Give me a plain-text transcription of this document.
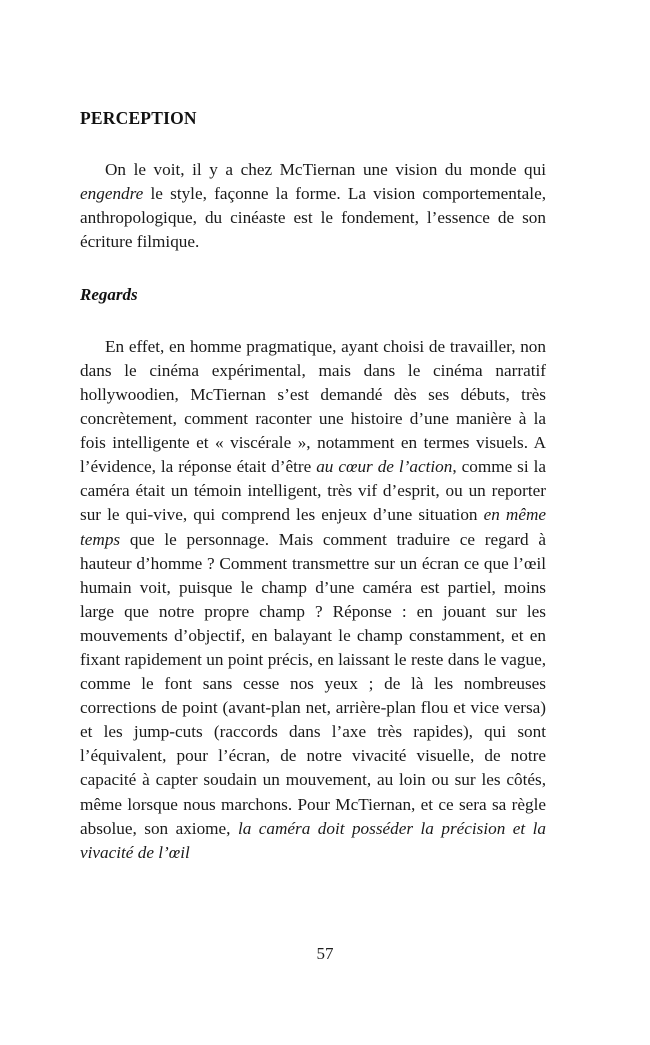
PERCEPTION

On le voit, il y a chez McTiernan une vision du monde qui engendre le style, façonne la forme. La vision comportementale, anthropologique, du cinéaste est le fondement, l’essence de son écriture filmique.

Regards

En effet, en homme pragmatique, ayant choisi de travailler, non dans le cinéma expérimental, mais dans le cinéma narratif hollywoodien, McTiernan s’est demandé dès ses débuts, très concrètement, comment raconter une histoire d’une manière à la fois intelligente et « viscérale », notamment en termes visuels. A l’évidence, la réponse était d’être au cœur de l’action, comme si la caméra était un témoin intelligent, très vif d’esprit, ou un reporter sur le qui-vive, qui comprend les enjeux d’une situation en même temps que le personnage. Mais comment traduire ce regard à hauteur d’homme ? Comment transmettre sur un écran ce que l’œil humain voit, puisque le champ d’une caméra est partiel, moins large que notre propre champ ? Réponse : en jouant sur les mouvements d’objectif, en balayant le champ constamment, et en fixant rapidement un point précis, en laissant le reste dans le vague, comme le font sans cesse nos yeux ; de là les nombreuses corrections de point (avant-plan net, arrière-plan flou et vice versa) et les jump-cuts (raccords dans l’axe très rapides), qui sont l’équivalent, pour l’écran, de notre vivacité visuelle, de notre capacité à capter soudain un mouvement, au loin ou sur les côtés, même lorsque nous marchons. Pour McTiernan, et ce sera sa règle absolue, son axiome, la caméra doit posséder la précision et la vivacité de l’œil

57
